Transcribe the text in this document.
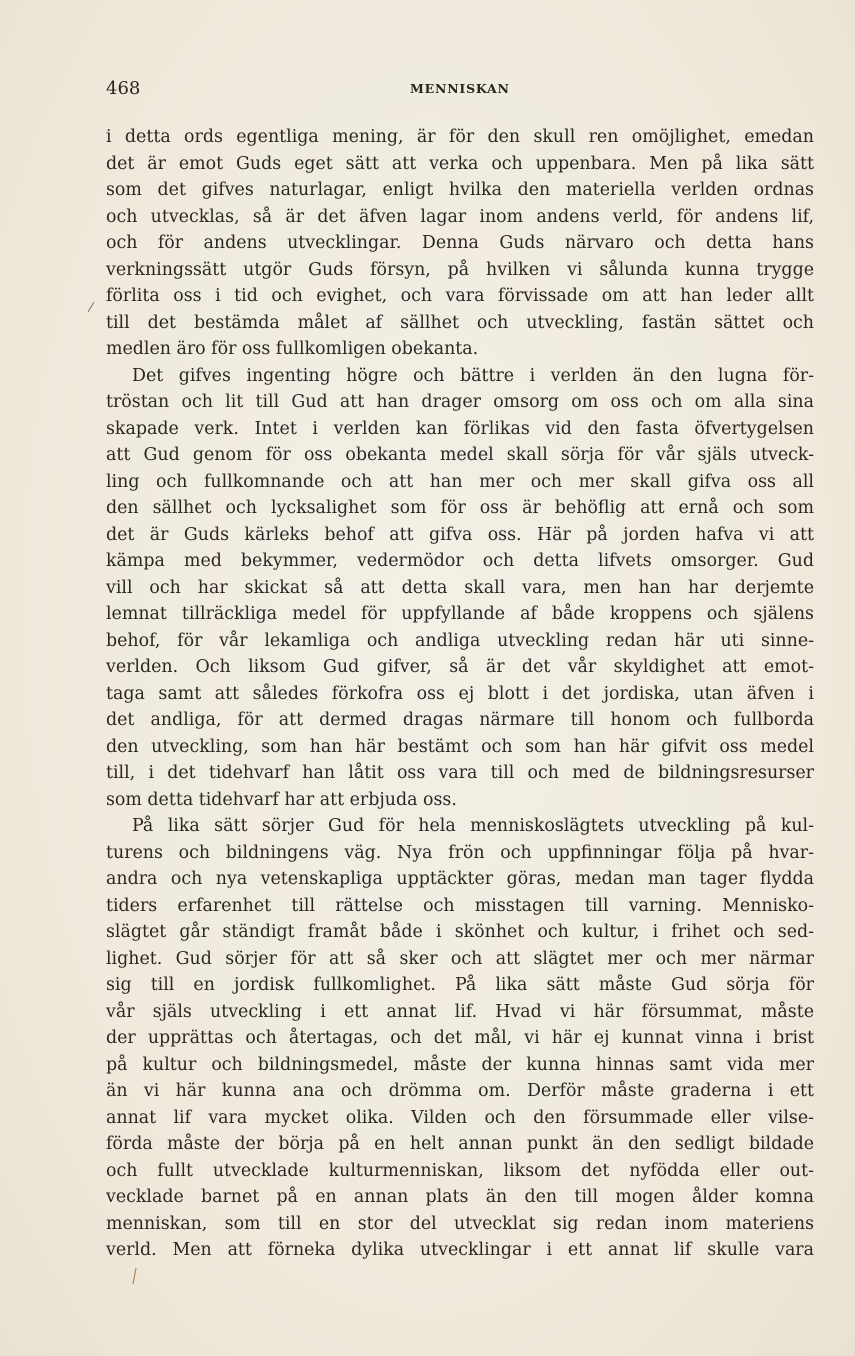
468	MENNISKAN
i detta ords egentliga mening, är för den skull ren omöjlighet, emedan
det är emot Guds eget sätt att verka och uppenbara. Men på lika sätt
som det gifves naturlagar, enligt hvilka den materiella verlden ordnas
och utvecklas, så är det äfven lagar inom andens verld, för andens lif,
och för andens utvecklingar. Denna Guds närvaro och detta hans
verkningssätt utgör Guds försyn, på hvilken vi sålunda kunna trygge
förlita oss i tid och evighet, och vara förvissade om att han leder allt
till det bestämda målet af sällhet och utveckling, fastän sättet och
medlen äro för oss fullkomligen obekanta.
Det gifves ingenting högre och bättre i verlden än den lugna för-
tröstan och lit till Gud att han drager omsorg om oss och om alla sina
skapade verk. Intet i verlden kan förlikas vid den fasta öfvertygelsen
att Gud genom för oss obekanta medel skall sörja för vår själs utveck-
ling och fullkomnande och att han mer och mer skall gifva oss all
den sällhet och lycksalighet som för oss är behöflig att ernå och som
det är Guds kärleks behof att gifva oss. Här på jorden hafva vi att
kämpa med bekymmer, vedermödor och detta lifvets omsorger. Gud
vill och har skickat så att detta skall vara, men han har derjemte
lemnat tillräckliga medel för uppfyllande af både kroppens och själens
behof, för vår lekamliga och andliga utveckling redan här uti sinne-
verlden. Och liksom Gud gifver, så är det vår skyldighet att emot-
taga samt att således förkofra oss ej blott i det jordiska, utan äfven i
det andliga, för att dermed dragas närmare till honom och fullborda
den utveckling, som han här bestämt och som han här gifvit oss medel
till, i det tidehvarf han låtit oss vara till och med de bildningsresurser
som detta tidehvarf har att erbjuda oss.
På lika sätt sörjer Gud för hela menniskoslägtets utveckling på kul-
turens och bildningens väg. Nya frön och uppfinningar följa på hvar-
andra och nya vetenskapliga upptäckter göras, medan man tager flydda
tiders erfarenhet till rättelse och misstagen till varning. Mennisko-
slägtet går ständigt framåt både i skönhet och kultur, i frihet och sed-
lighet. Gud sörjer för att så sker och att slägtet mer och mer närmar
sig till en jordisk fullkomlighet. På lika sätt måste Gud sörja för
vår själs utveckling i ett annat lif. Hvad vi här försummat, måste
der upprättas och återtagas, och det mål, vi här ej kunnat vinna i brist
på kultur och bildningsmedel, måste der kunna hinnas samt vida mer
än vi här kunna ana och drömma om. Derför måste graderna i ett
annat lif vara mycket olika. Vilden och den försummade eller vilse-
förda måste der börja på en helt annan punkt än den sedligt bildade
och fullt utvecklade kulturmenniskan, liksom det nyfödda eller out-
vecklade barnet på en annan plats än den till mogen ålder komna
menniskan, som till en stor del utvecklat sig redan inom materiens
verld. Men att förneka dylika utvecklingar i ett annat lif skulle vara
